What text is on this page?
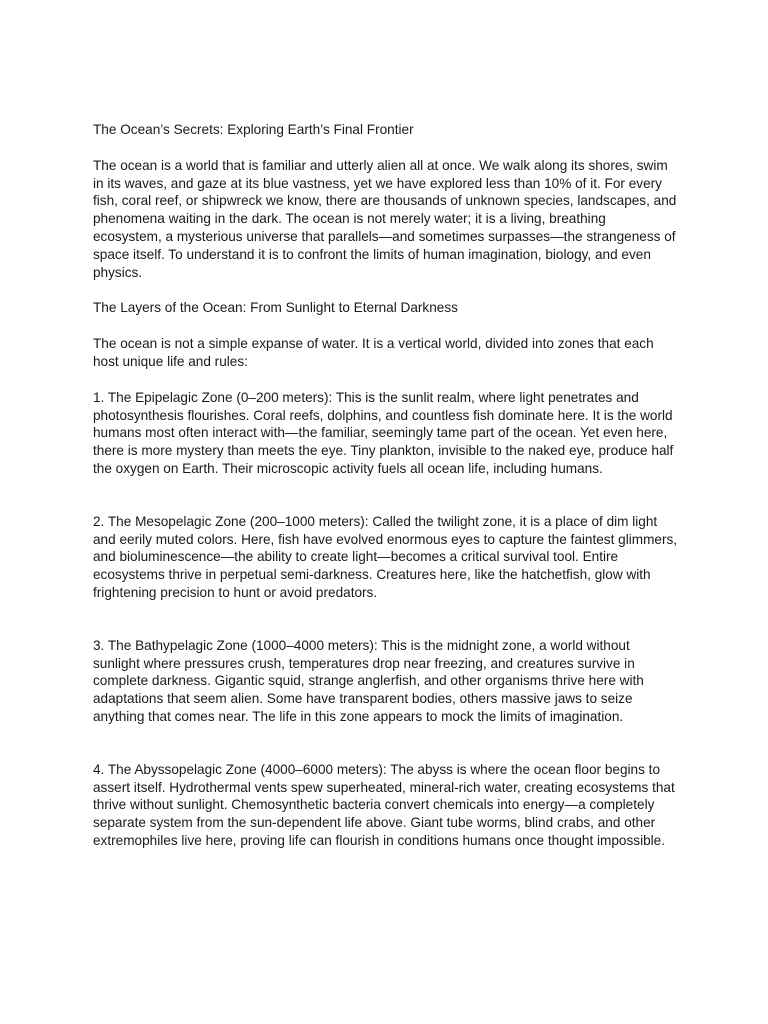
The Ocean’s Secrets: Exploring Earth’s Final Frontier

The ocean is a world that is familiar and utterly alien all at once. We walk along its shores, swim in its waves, and gaze at its blue vastness, yet we have explored less than 10% of it. For every fish, coral reef, or shipwreck we know, there are thousands of unknown species, landscapes, and phenomena waiting in the dark. The ocean is not merely water; it is a living, breathing ecosystem, a mysterious universe that parallels—and sometimes surpasses—the strangeness of space itself. To understand it is to confront the limits of human imagination, biology, and even physics.

The Layers of the Ocean: From Sunlight to Eternal Darkness

The ocean is not a simple expanse of water. It is a vertical world, divided into zones that each host unique life and rules:

1. The Epipelagic Zone (0–200 meters): This is the sunlit realm, where light penetrates and photosynthesis flourishes. Coral reefs, dolphins, and countless fish dominate here. It is the world humans most often interact with—the familiar, seemingly tame part of the ocean. Yet even here, there is more mystery than meets the eye. Tiny plankton, invisible to the naked eye, produce half the oxygen on Earth. Their microscopic activity fuels all ocean life, including humans.

2. The Mesopelagic Zone (200–1000 meters): Called the twilight zone, it is a place of dim light and eerily muted colors. Here, fish have evolved enormous eyes to capture the faintest glimmers, and bioluminescence—the ability to create light—becomes a critical survival tool. Entire ecosystems thrive in perpetual semi-darkness. Creatures here, like the hatchetfish, glow with frightening precision to hunt or avoid predators.

3. The Bathypelagic Zone (1000–4000 meters): This is the midnight zone, a world without sunlight where pressures crush, temperatures drop near freezing, and creatures survive in complete darkness. Gigantic squid, strange anglerfish, and other organisms thrive here with adaptations that seem alien. Some have transparent bodies, others massive jaws to seize anything that comes near. The life in this zone appears to mock the limits of imagination.

4. The Abyssopelagic Zone (4000–6000 meters): The abyss is where the ocean floor begins to assert itself. Hydrothermal vents spew superheated, mineral-rich water, creating ecosystems that thrive without sunlight. Chemosynthetic bacteria convert chemicals into energy—a completely separate system from the sun-dependent life above. Giant tube worms, blind crabs, and other extremophiles live here, proving life can flourish in conditions humans once thought impossible.
